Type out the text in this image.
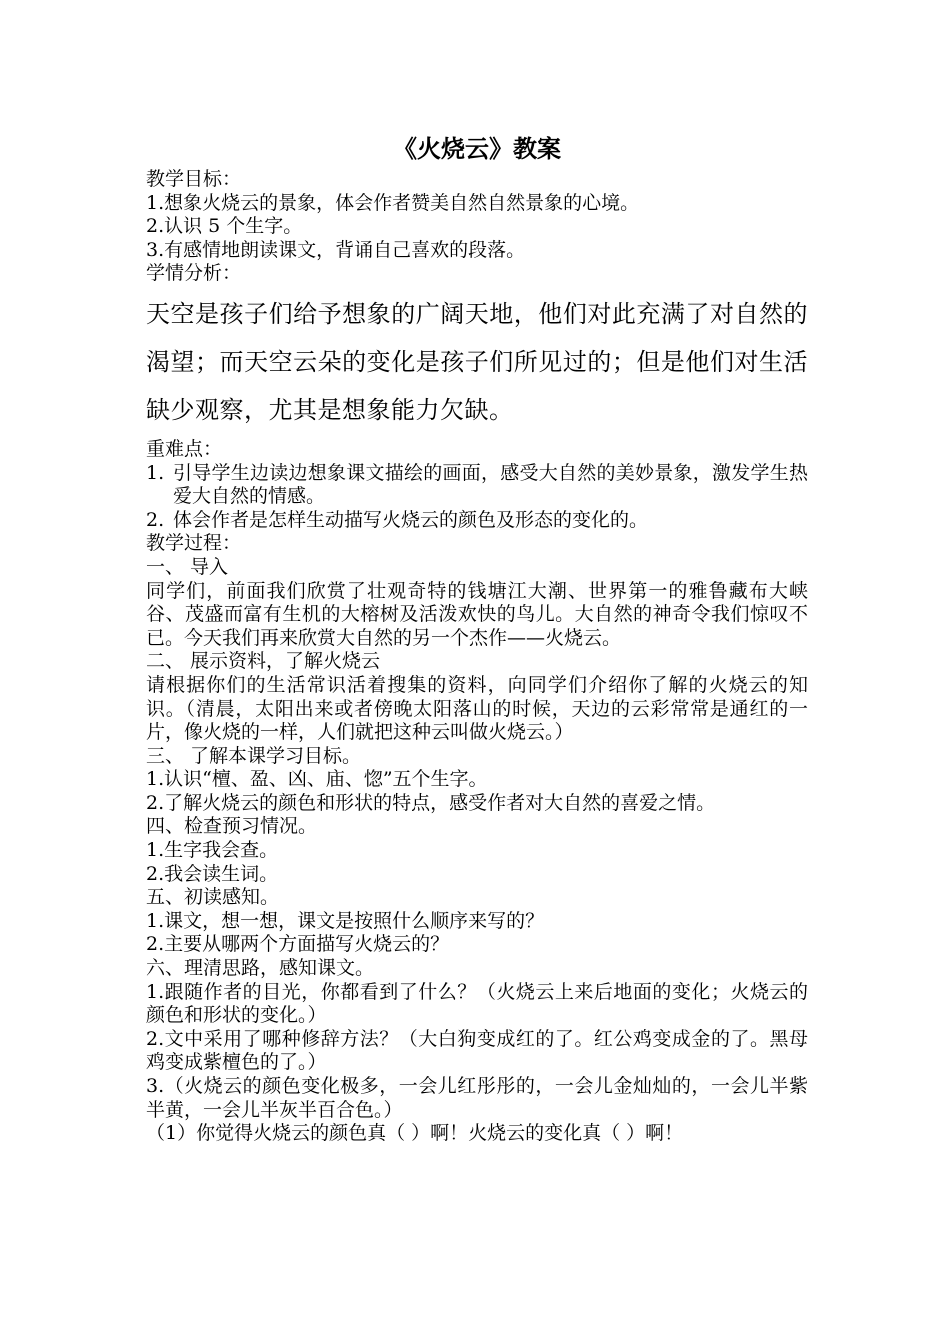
《火烧云》教案

教学目标：

1.想象火烧云的景象，体会作者赞美自然自然景象的心境。

2.认识 5 个生字。

3.有感情地朗读课文，背诵自己喜欢的段落。

学情分析：

天空是孩子们给予想象的广阔天地，他们对此充满了对自然的渴望；而天空云朵的变化是孩子们所见过的；但是他们对生活缺少观察，尤其是想象能力欠缺。

重难点：

1. 引导学生边读边想象课文描绘的画面，感受大自然的美妙景象，激发学生热爱大自然的情感。
2. 体会作者是怎样生动描写火烧云的颜色及形态的变化的。

教学过程：

一、 导入

同学们，前面我们欣赏了壮观奇特的钱塘江大潮、世界第一的雅鲁藏布大峡谷、茂盛而富有生机的大榕树及活泼欢快的鸟儿。大自然的神奇令我们惊叹不已。今天我们再来欣赏大自然的另一个杰作——火烧云。

二、 展示资料，了解火烧云

请根据你们的生活常识活着搜集的资料，向同学们介绍你了解的火烧云的知识。（清晨，太阳出来或者傍晚太阳落山的时候，天边的云彩常常是通红的一片，像火烧的一样，人们就把这种云叫做火烧云。）

三、 了解本课学习目标。

1.认识“檀、盈、凶、庙、惚”五个生字。

2.了解火烧云的颜色和形状的特点，感受作者对大自然的喜爱之情。

四、检查预习情况。

1.生字我会查。

2.我会读生词。

五、初读感知。

1.课文，想一想，课文是按照什么顺序来写的？

2.主要从哪两个方面描写火烧云的？

六、理清思路，感知课文。

1.跟随作者的目光，你都看到了什么？（火烧云上来后地面的变化；火烧云的颜色和形状的变化。）

2.文中采用了哪种修辞方法？（大白狗变成红的了。红公鸡变成金的了。黑母鸡变成紫檀色的了。）

3.（火烧云的颜色变化极多，一会儿红彤彤的，一会儿金灿灿的，一会儿半紫半黄，一会儿半灰半百合色。）

（1）你觉得火烧云的颜色真（ ）啊！火烧云的变化真（ ）啊！
